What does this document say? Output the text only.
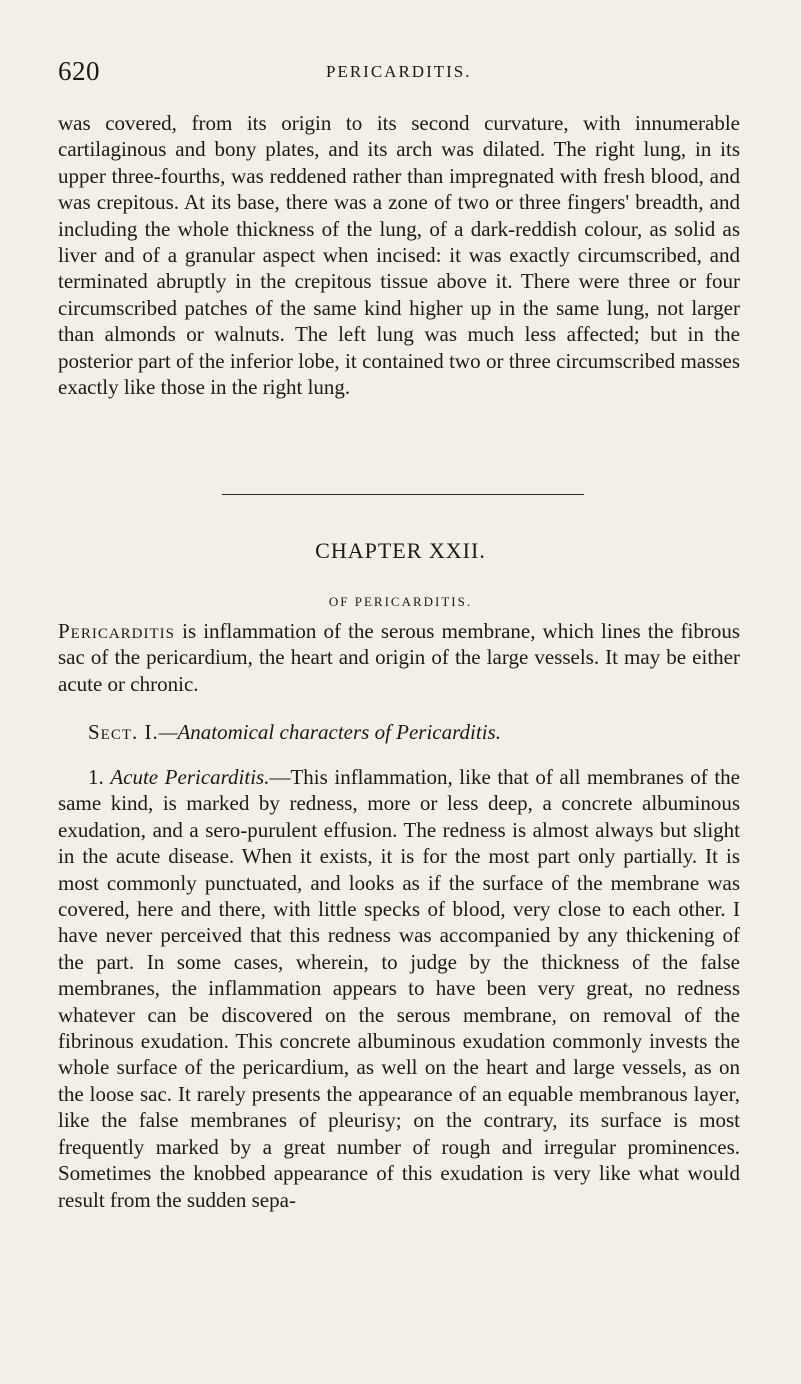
620	PERICARDITIS.

was covered, from its origin to its second curvature, with innumerable cartilaginous and bony plates, and its arch was dilated. The right lung, in its upper three-fourths, was reddened rather than impregnated with fresh blood, and was crepitous. At its base, there was a zone of two or three fingers' breadth, and including the whole thickness of the lung, of a dark-reddish colour, as solid as liver and of a granular aspect when incised: it was exactly circumscribed, and terminated abruptly in the crepitous tissue above it. There were three or four circumscribed patches of the same kind higher up in the same lung, not larger than almonds or walnuts. The left lung was much less affected; but in the posterior part of the inferior lobe, it contained two or three circumscribed masses exactly like those in the right lung.

CHAPTER XXII.
OF PERICARDITIS.

Pericarditis is inflammation of the serous membrane, which lines the fibrous sac of the pericardium, the heart and origin of the large vessels. It may be either acute or chronic.

Sect. I.—Anatomical characters of Pericarditis.

1. Acute Pericarditis.—This inflammation, like that of all membranes of the same kind, is marked by redness, more or less deep, a concrete albuminous exudation, and a sero-purulent effusion. The redness is almost always but slight in the acute disease. When it exists, it is for the most part only partially. It is most commonly punctuated, and looks as if the surface of the membrane was covered, here and there, with little specks of blood, very close to each other. I have never perceived that this redness was accompanied by any thickening of the part. In some cases, wherein, to judge by the thickness of the false membranes, the inflammation appears to have been very great, no redness whatever can be discovered on the serous membrane, on removal of the fibrinous exudation. This concrete albuminous exudation commonly invests the whole surface of the pericardium, as well on the heart and large vessels, as on the loose sac. It rarely presents the appearance of an equable membranous layer, like the false membranes of pleurisy; on the contrary, its surface is most frequently marked by a great number of rough and irregular prominences. Sometimes the knobbed appearance of this exudation is very like what would result from the sudden sepa-
